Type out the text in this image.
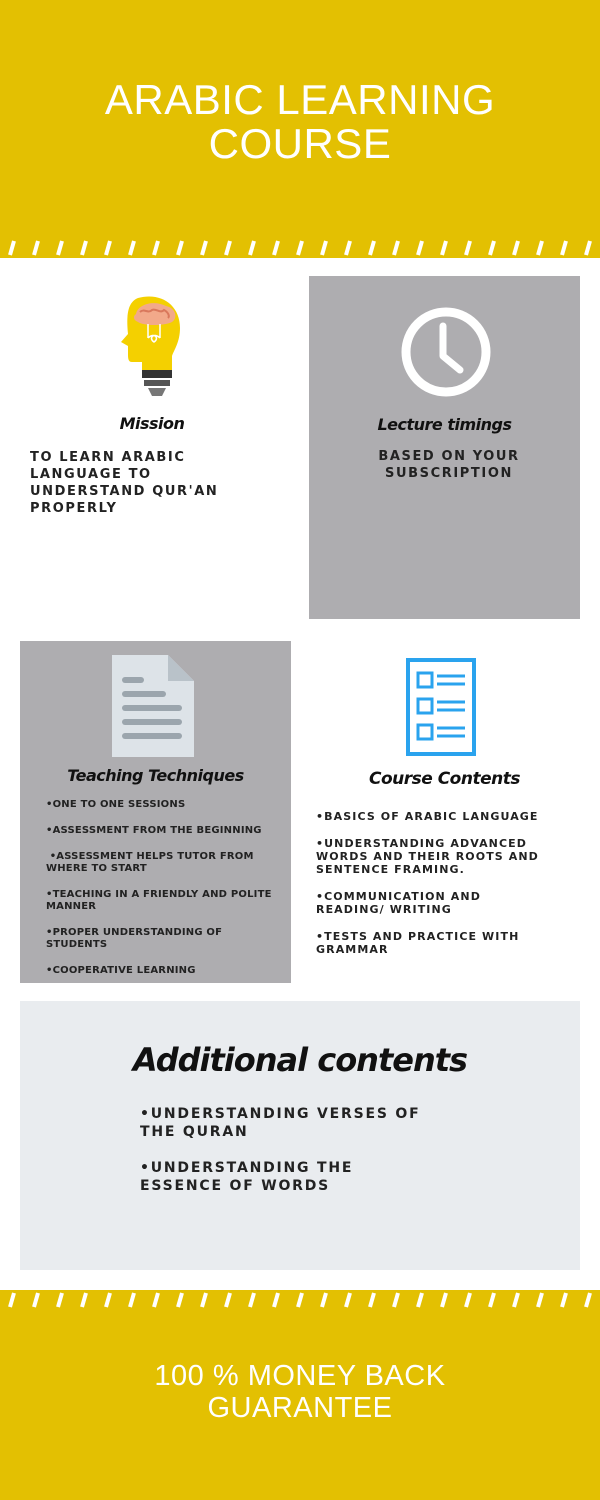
ARABIC LEARNING
COURSE
Mission
TO LEARN ARABIC LANGUAGE TO UNDERSTAND QUR'AN PROPERLY
Lecture timings
BASED ON YOUR SUBSCRIPTION
Teaching Techniques
•ONE TO ONE SESSIONS
•ASSESSMENT FROM THE BEGINNING
•ASSESSMENT HELPS TUTOR FROM WHERE TO START
•TEACHING IN A FRIENDLY AND POLITE MANNER
•PROPER UNDERSTANDING OF STUDENTS
•COOPERATIVE LEARNING
Course Contents
•BASICS OF ARABIC LANGUAGE
•UNDERSTANDING ADVANCED WORDS AND THEIR ROOTS AND SENTENCE FRAMING.
•COMMUNICATION AND READING/ WRITING
•TESTS AND PRACTICE WITH GRAMMAR
Additional contents
•UNDERSTANDING VERSES OF THE QURAN
•UNDERSTANDING THE ESSENCE OF WORDS
100 % MONEY BACK
GUARANTEE
